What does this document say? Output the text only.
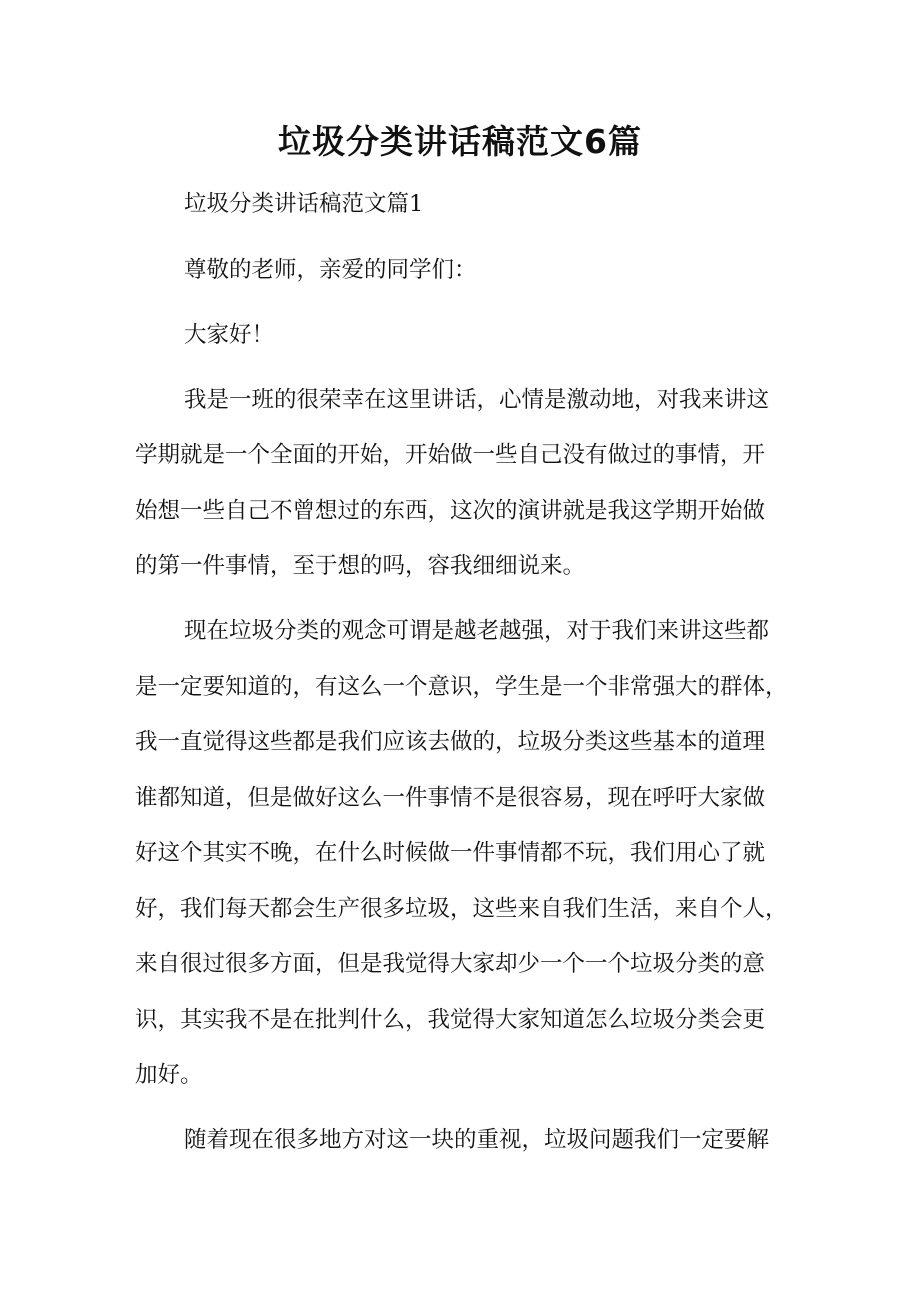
垃圾分类讲话稿范文6篇

垃圾分类讲话稿范文篇1

尊敬的老师，亲爱的同学们：

大家好！

我是一班的很荣幸在这里讲话，心情是激动地，对我来讲这

学期就是一个全面的开始，开始做一些自己没有做过的事情，开

始想一些自己不曾想过的东西，这次的演讲就是我这学期开始做

的第一件事情，至于想的吗，容我细细说来。

现在垃圾分类的观念可谓是越老越强，对于我们来讲这些都

是一定要知道的，有这么一个意识，学生是一个非常强大的群体，

我一直觉得这些都是我们应该去做的，垃圾分类这些基本的道理

谁都知道，但是做好这么一件事情不是很容易，现在呼吁大家做

好这个其实不晚，在什么时候做一件事情都不玩，我们用心了就

好，我们每天都会生产很多垃圾，这些来自我们生活，来自个人，

来自很过很多方面，但是我觉得大家却少一个一个垃圾分类的意

识，其实我不是在批判什么，我觉得大家知道怎么垃圾分类会更

加好。

随着现在很多地方对这一块的重视，垃圾问题我们一定要解
